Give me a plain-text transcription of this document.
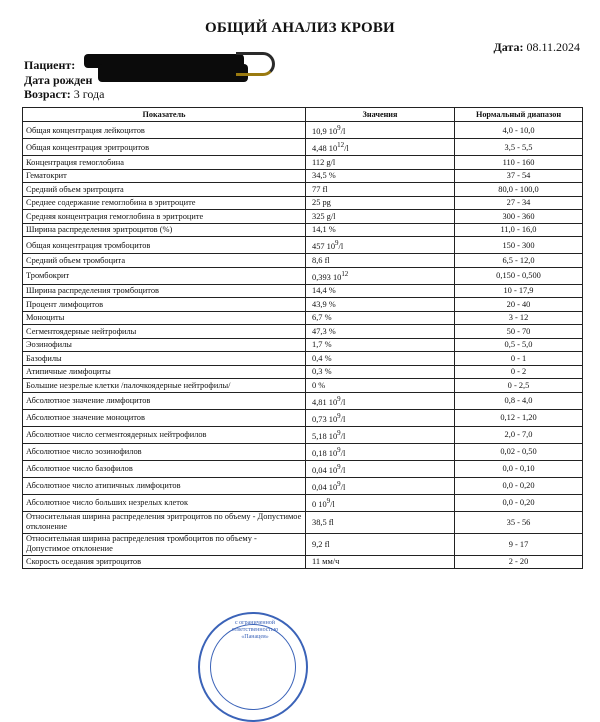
ОБЩИЙ АНАЛИЗ КРОВИ
Дата: 08.11.2024
Пациент:
Дата рожден
Возраст: 3 года
Показатель	Значения	Нормальный диапазон
Общая концентрация лейкоцитов	10,9 $10^9/l$	4,0 - 10,0
Общая концентрация эритроцитов	4,48 $10^{12}/l$	3,5 - 5,5
Концентрация гемоглобина	112 g/l	110 - 160
Гематокрит	34,5 %	37 - 54
Средний объем эритроцита	77 fl	80,0 - 100,0
Среднее содержание гемоглобина в эритроците	25 pg	27 - 34
Средняя концентрация гемоглобина в эритроците	325 g/l	300 - 360
Ширина распределения эритроцитов (%)	14,1 %	11,0 - 16,0
Общая концентрация тромбоцитов	457 $10^9/l$	150 - 300
Средний объем тромбоцита	8,6 fl	6,5 - 12,0
Тромбокрит	0,393 $10^{12}$	0,150 - 0,500
Ширина распределения тромбоцитов	14,4 %	10 - 17,9
Процент лимфоцитов	43,9 %	20 - 40
Моноциты	6,7 %	3 - 12
Сегментоядерные нейтрофилы	47,3 %	50 - 70
Эозинофилы	1,7 %	0,5 - 5,0
Базофилы	0,4 %	0 - 1
Атипичные лимфоциты	0,3 %	0 - 2
Большие незрелые клетки /палочкоядерные нейтрофилы/	0 %	0 - 2,5
Абсолютное значение лимфоцитов	4,81 $10^9/l$	0,8 - 4,0
Абсолютное значение моноцитов	0,73 $10^9/l$	0,12 - 1,20
Абсолютное число сегментоядерных нейтрофилов	5,18 $10^9/l$	2,0 - 7,0
Абсолютное число эозинофилов	0,18 $10^9/l$	0,02 - 0,50
Абсолютное число базофилов	0,04 $10^9/l$	0,0 - 0,10
Абсолютное число атипичных лимфоцитов	0,04 $10^9/l$	0,0 - 0,20
Абсолютное число больших незрелых клеток	0 $10^9/l$	0,0 - 0,20
Относительная ширина распределения эритроцитов по объему - Допустимое отклонение	38,5 fl	35 - 56
Относительная ширина распределения тромбоцитов по объему - Допустимое отклонение	9,2 fl	9 - 17
Скорость оседания эритроцитов	11 мм/ч	2 - 20
с ограниченной ответственностью «Панацея»
